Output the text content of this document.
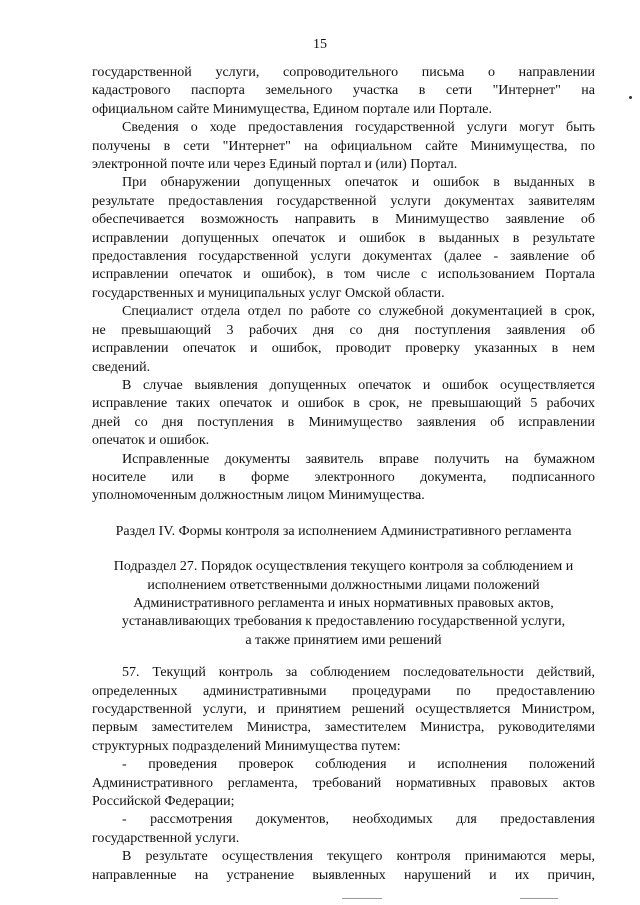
15

государственной услуги, сопроводительного письма о направлении

кадастрового паспорта земельного участка в сети "Интернет" на

официальном сайте Минимущества, Едином портале или Портале.

Сведения о ходе предоставления государственной услуги могут быть

получены в сети "Интернет" на официальном сайте Минимущества, по

электронной почте или через Единый портал и (или) Портал.

При обнаружении допущенных опечаток и ошибок в выданных в

результате предоставления государственной услуги документах заявителям

обеспечивается возможность направить в Минимущество заявление об

исправлении допущенных опечаток и ошибок в выданных в результате

предоставления государственной услуги документах (далее - заявление об

исправлении опечаток и ошибок), в том числе с использованием Портала

государственных и муниципальных услуг Омской области.

Специалист отдела отдел по работе со служебной документацией в срок,

не превышающий 3 рабочих дня со дня поступления заявления об

исправлении опечаток и ошибок, проводит проверку указанных в нем

сведений.

В случае выявления допущенных опечаток и ошибок осуществляется

исправление таких опечаток и ошибок в срок, не превышающий 5 рабочих

дней со дня поступления в Минимущество заявления об исправлении

опечаток и ошибок.

Исправленные документы заявитель вправе получить на бумажном

носителе или в форме электронного документа, подписанного

уполномоченным должностным лицом Минимущества.

Раздел IV. Формы контроля за исполнением Административного регламента
Подраздел 27. Порядок осуществления текущего контроля за соблюдением и
исполнением ответственными должностными лицами положений
Административного регламента и иных нормативных правовых актов,
устанавливающих требования к предоставлению государственной услуги,
а также принятием ими решений

57. Текущий контроль за соблюдением последовательности действий,

определенных административными процедурами по предоставлению

государственной услуги, и принятием решений осуществляется Министром,

первым заместителем Министра, заместителем Министра, руководителями

структурных подразделений Минимущества путем:

- проведения проверок соблюдения и исполнения положений

Административного регламента, требований нормативных правовых актов

Российской Федерации;

- рассмотрения документов, необходимых для предоставления

государственной услуги.

В результате осуществления текущего контроля принимаются меры,

направленные на устранение выявленных нарушений и их причин,
